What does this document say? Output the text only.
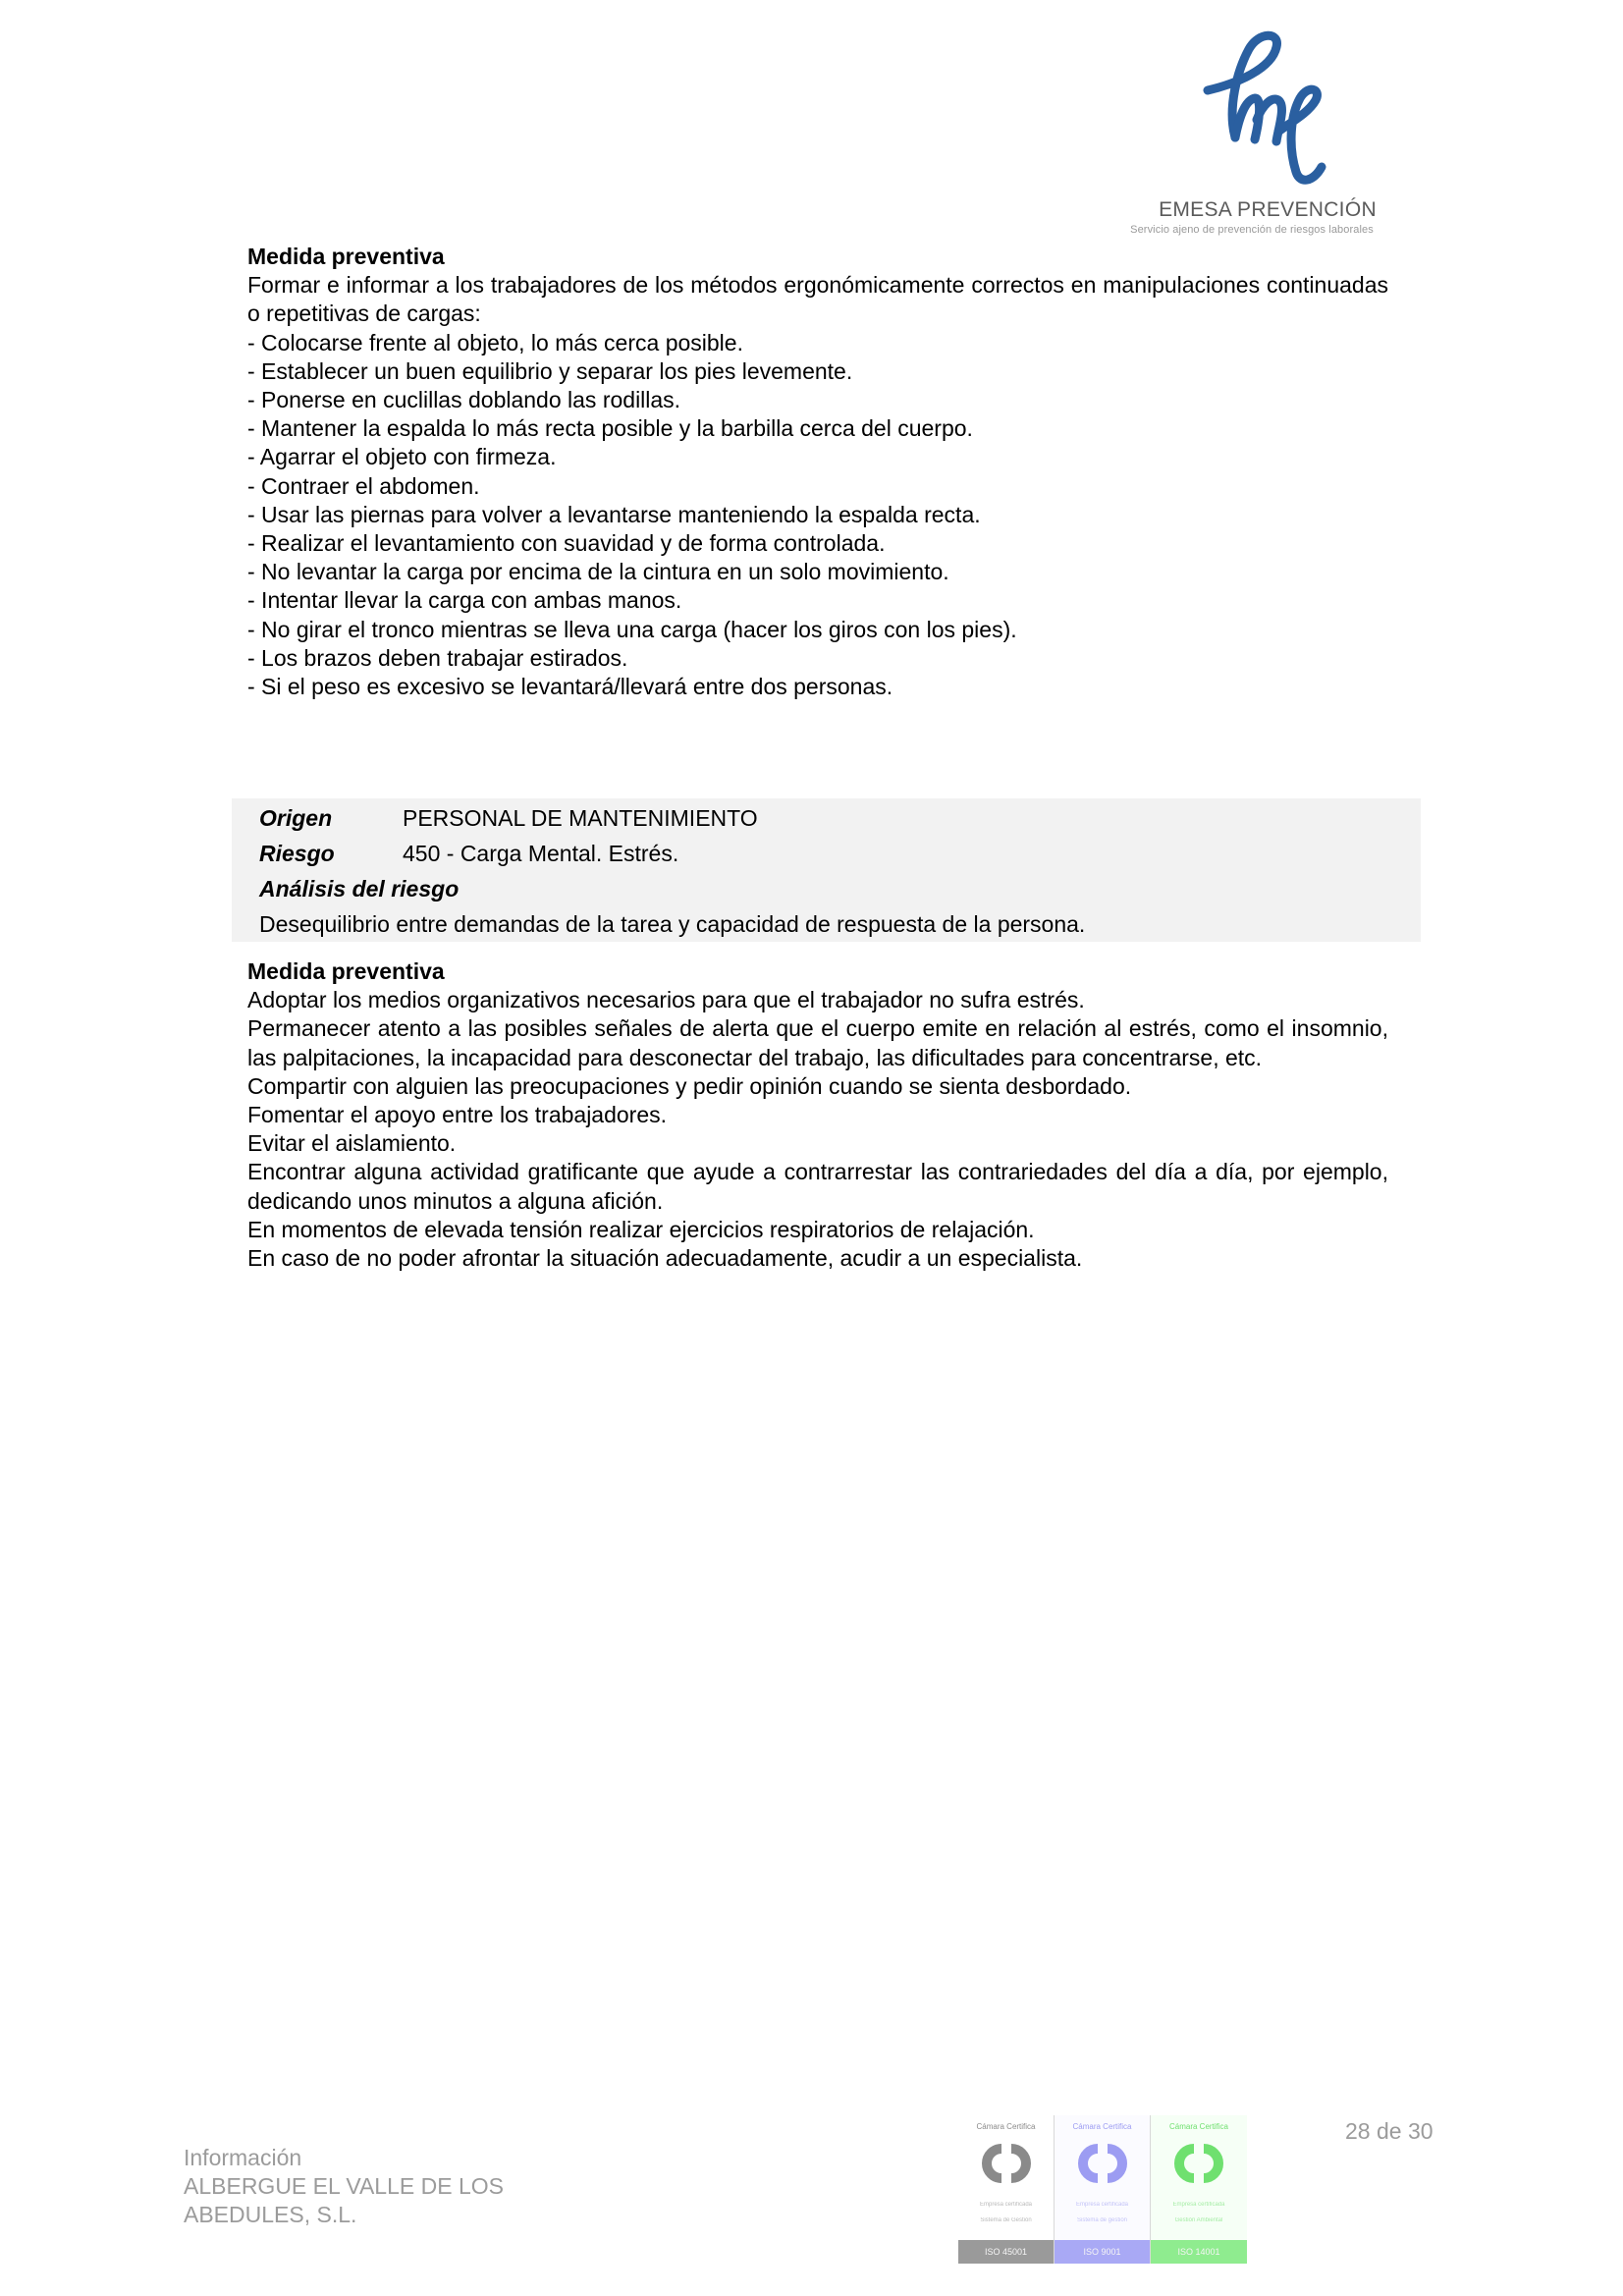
EMESA PREVENCIÓN
Servicio ajeno de prevención de riesgos laborales
Medida preventiva
Formar e informar a los trabajadores de los métodos ergonómicamente correctos en manipulaciones continuadas o repetitivas de cargas:
- Colocarse frente al objeto, lo más cerca posible.
- Establecer un buen equilibrio y separar los pies levemente.
- Ponerse en cuclillas doblando las rodillas.
- Mantener la espalda lo más recta posible y la barbilla cerca del cuerpo.
- Agarrar el objeto con firmeza.
- Contraer el abdomen.
- Usar las piernas para volver a levantarse manteniendo la espalda recta.
- Realizar el levantamiento con suavidad y de forma controlada.
- No levantar la carga por encima de la cintura en un solo movimiento.
- Intentar llevar la carga con ambas manos.
- No girar el tronco mientras se lleva una carga (hacer los giros con los pies).
- Los brazos deben trabajar estirados.
- Si el peso es excesivo se levantará/llevará entre dos personas.
Origen	PERSONAL DE MANTENIMIENTO
Riesgo	450 - Carga Mental. Estrés.
Análisis del riesgo
Desequilibrio entre demandas de la tarea y capacidad de respuesta de la persona.
Medida preventiva
Adoptar los medios organizativos necesarios para que el trabajador no sufra estrés.
Permanecer atento a las posibles señales de alerta que el cuerpo emite en relación al estrés, como el insomnio, las palpitaciones, la incapacidad para desconectar del trabajo, las dificultades para concentrarse, etc.
Compartir con alguien las preocupaciones y pedir opinión cuando se sienta desbordado.
Fomentar el apoyo entre los trabajadores.
Evitar el aislamiento.
Encontrar alguna actividad gratificante que ayude a contrarrestar las contrariedades del día a día, por ejemplo, dedicando unos minutos a alguna afición.
En momentos de elevada tensión realizar ejercicios respiratorios de relajación.
En caso de no poder afrontar la situación adecuadamente, acudir a un especialista.
Información
ALBERGUE EL VALLE DE LOS
ABEDULES, S.L.
Cámara Certifica
Empresa certificada
Sistema de Gestión
ISO 45001
Cámara Certifica
Empresa certificada
Sistema de gestión
ISO 9001
Cámara Certifica
Empresa certificada
Gestión Ambiental
ISO 14001
28 de 30
